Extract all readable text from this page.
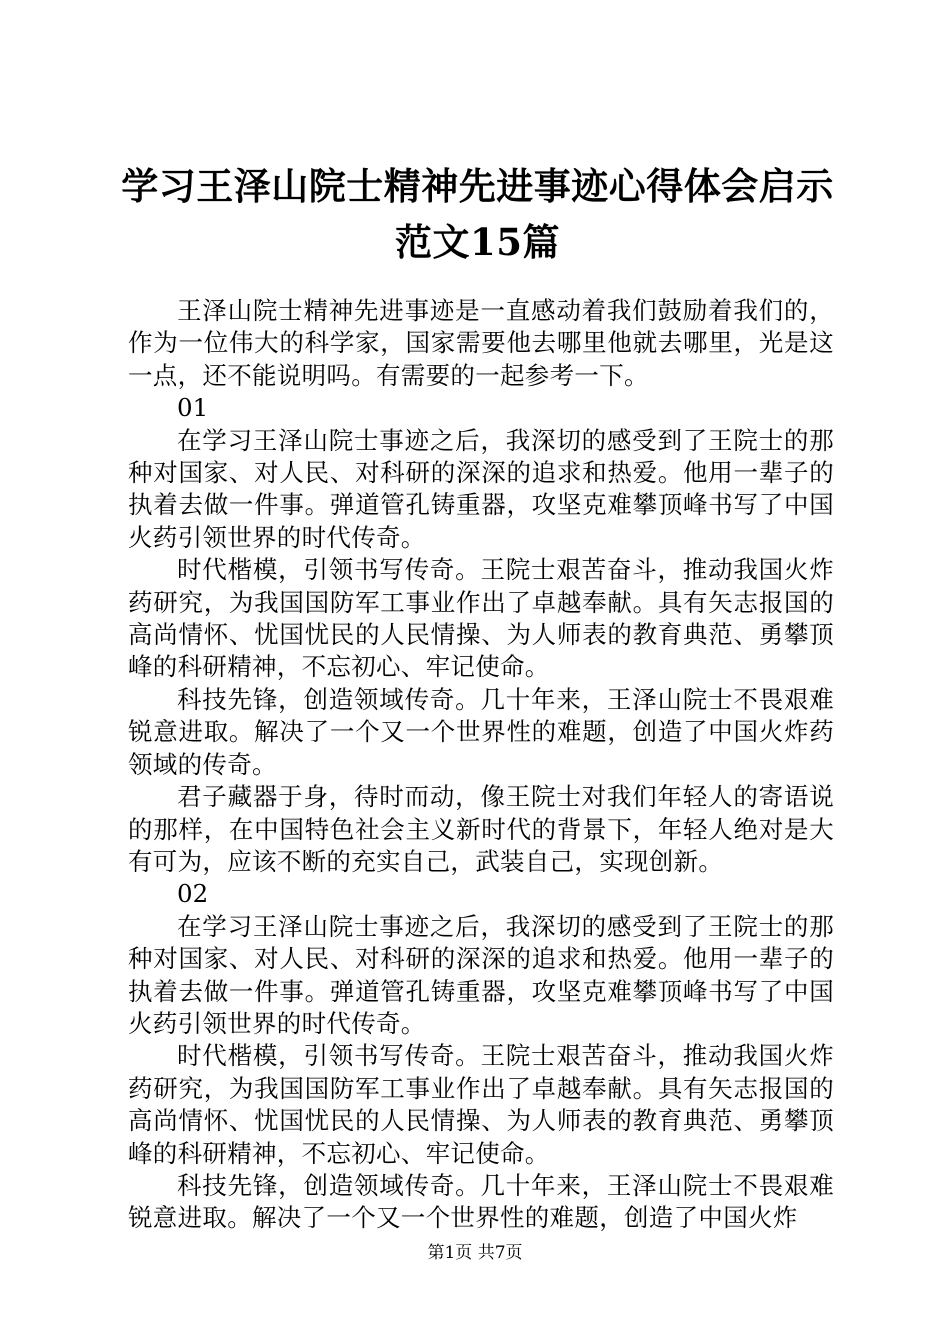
学习王泽山院士精神先进事迹心得体会启示范文15篇

王泽山院士精神先进事迹是一直感动着我们鼓励着我们的，作为一位伟大的科学家，国家需要他去哪里他就去哪里，光是这一点，还不能说明吗。有需要的一起参考一下。

01

在学习王泽山院士事迹之后，我深切的感受到了王院士的那种对国家、对人民、对科研的深深的追求和热爱。他用一辈子的执着去做一件事。弹道管孔铸重器，攻坚克难攀顶峰书写了中国火药引领世界的时代传奇。

时代楷模，引领书写传奇。王院士艰苦奋斗，推动我国火炸药研究，为我国国防军工事业作出了卓越奉献。具有矢志报国的高尚情怀、忧国忧民的人民情操、为人师表的教育典范、勇攀顶峰的科研精神，不忘初心、牢记使命。

科技先锋，创造领域传奇。几十年来，王泽山院士不畏艰难锐意进取。解决了一个又一个世界性的难题，创造了中国火炸药领域的传奇。

君子藏器于身，待时而动，像王院士对我们年轻人的寄语说的那样，在中国特色社会主义新时代的背景下，年轻人绝对是大有可为，应该不断的充实自己，武装自己，实现创新。

02

在学习王泽山院士事迹之后，我深切的感受到了王院士的那种对国家、对人民、对科研的深深的追求和热爱。他用一辈子的执着去做一件事。弹道管孔铸重器，攻坚克难攀顶峰书写了中国火药引领世界的时代传奇。

时代楷模，引领书写传奇。王院士艰苦奋斗，推动我国火炸药研究，为我国国防军工事业作出了卓越奉献。具有矢志报国的高尚情怀、忧国忧民的人民情操、为人师表的教育典范、勇攀顶峰的科研精神，不忘初心、牢记使命。

科技先锋，创造领域传奇。几十年来，王泽山院士不畏艰难锐意进取。解决了一个又一个世界性的难题，创造了中国火炸

第1页 共7页
